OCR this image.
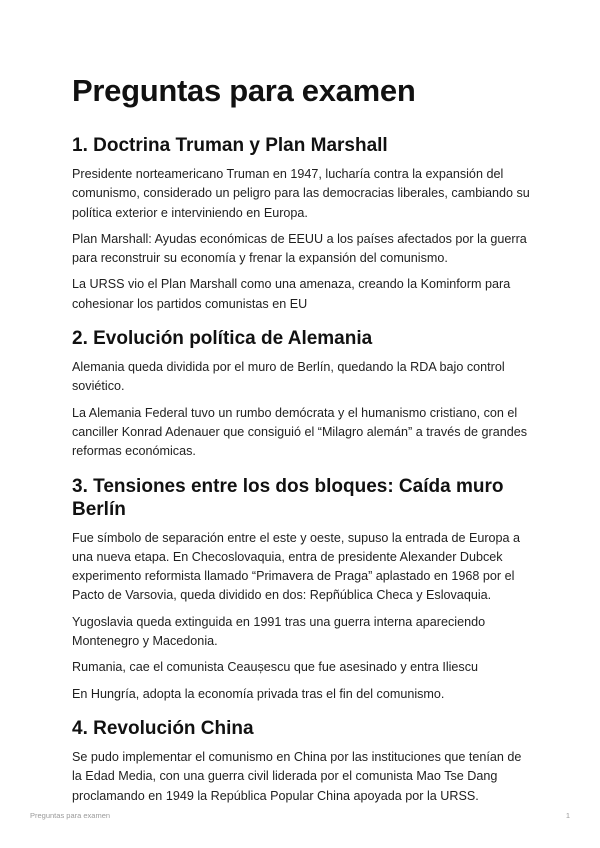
Preguntas para examen
1. Doctrina Truman y Plan Marshall

Presidente norteamericano Truman en 1947, lucharía contra la expansión del comunismo, considerado un peligro para las democracias liberales, cambiando su política exterior e interviniendo en Europa.

Plan Marshall: Ayudas económicas de EEUU a los países afectados por la guerra para reconstruir su economía y frenar la expansión del comunismo.

La URSS vio el Plan Marshall como una amenaza, creando la Kominform para cohesionar los partidos comunistas en EU

2. Evolución política de Alemania

Alemania queda dividida por el muro de Berlín, quedando la RDA bajo control soviético.

La Alemania Federal tuvo un rumbo demócrata y el humanismo cristiano, con el canciller Konrad Adenauer que consiguió el “Milagro alemán” a través de grandes reformas económicas.

3. Tensiones entre los dos bloques: Caída muro Berlín

Fue símbolo de separación entre el este y oeste, supuso la entrada de Europa a una nueva etapa. En Checoslovaquia, entra de presidente Alexander Dubcek experimento reformista llamado “Primavera de Praga” aplastado en 1968 por el Pacto de Varsovia, queda dividido en dos: Repñública Checa y Eslovaquia.

Yugoslavia queda extinguida en 1991 tras una guerra interna apareciendo Montenegro y Macedonia.

Rumania, cae el comunista Ceaușescu que fue asesinado y entra Iliescu

En Hungría, adopta la economía privada tras el fin del comunismo.

4. Revolución China

Se pudo implementar el comunismo en China por las instituciones que tenían de la Edad Media, con una guerra civil liderada por el comunista Mao Tse Dang proclamando en 1949 la República Popular China apoyada por la URSS.

Preguntas para examen	1
